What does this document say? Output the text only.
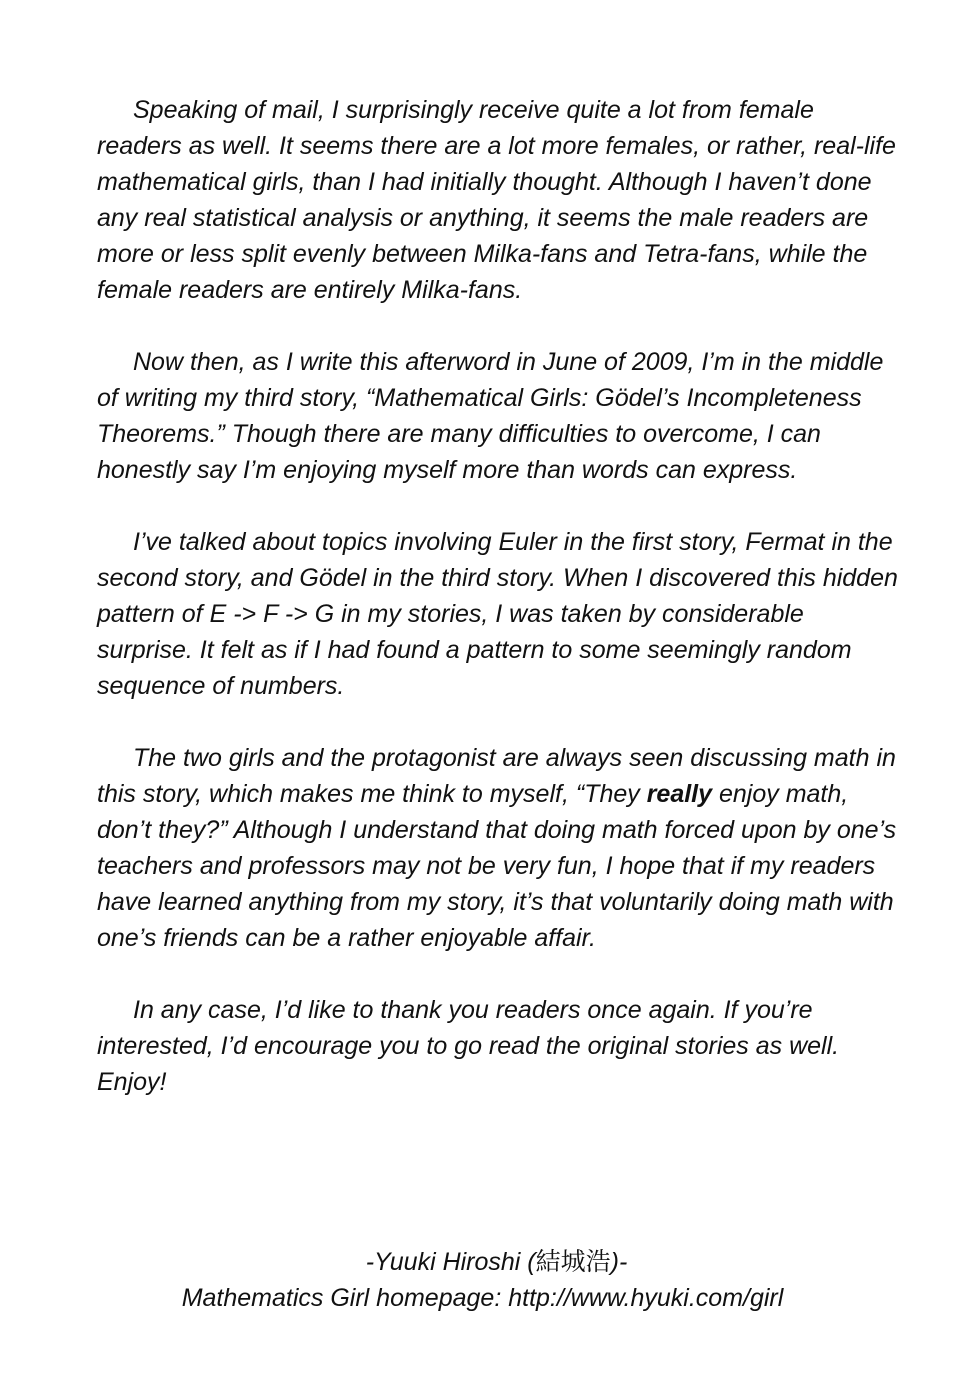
Speaking of mail, I surprisingly receive quite a lot from female readers as well. It seems there are a lot more females, or rather, real-life mathematical girls, than I had initially thought. Although I haven’t done any real statistical analysis or anything, it seems the male readers are more or less split evenly between Milka-fans and Tetra-fans, while the female readers are entirely Milka-fans.

Now then, as I write this afterword in June of 2009, I’m in the middle of writing my third story, “Mathematical Girls: Gödel’s Incompleteness Theorems.” Though there are many difficulties to overcome, I can honestly say I’m enjoying myself more than words can express.

I’ve talked about topics involving Euler in the first story, Fermat in the second story, and Gödel in the third story. When I discovered this hidden pattern of E -> F -> G in my stories, I was taken by considerable surprise. It felt as if I had found a pattern to some seemingly random sequence of numbers.

The two girls and the protagonist are always seen discussing math in this story, which makes me think to myself, “They really enjoy math, don’t they?” Although I understand that doing math forced upon by one’s teachers and professors may not be very fun, I hope that if my readers have learned anything from my story, it’s that voluntarily doing math with one’s friends can be a rather enjoyable affair.

In any case, I’d like to thank you readers once again. If you’re interested, I’d encourage you to go read the original stories as well. Enjoy!

-Yuuki Hiroshi (結城浩)-
Mathematics Girl homepage: http://www.hyuki.com/girl
